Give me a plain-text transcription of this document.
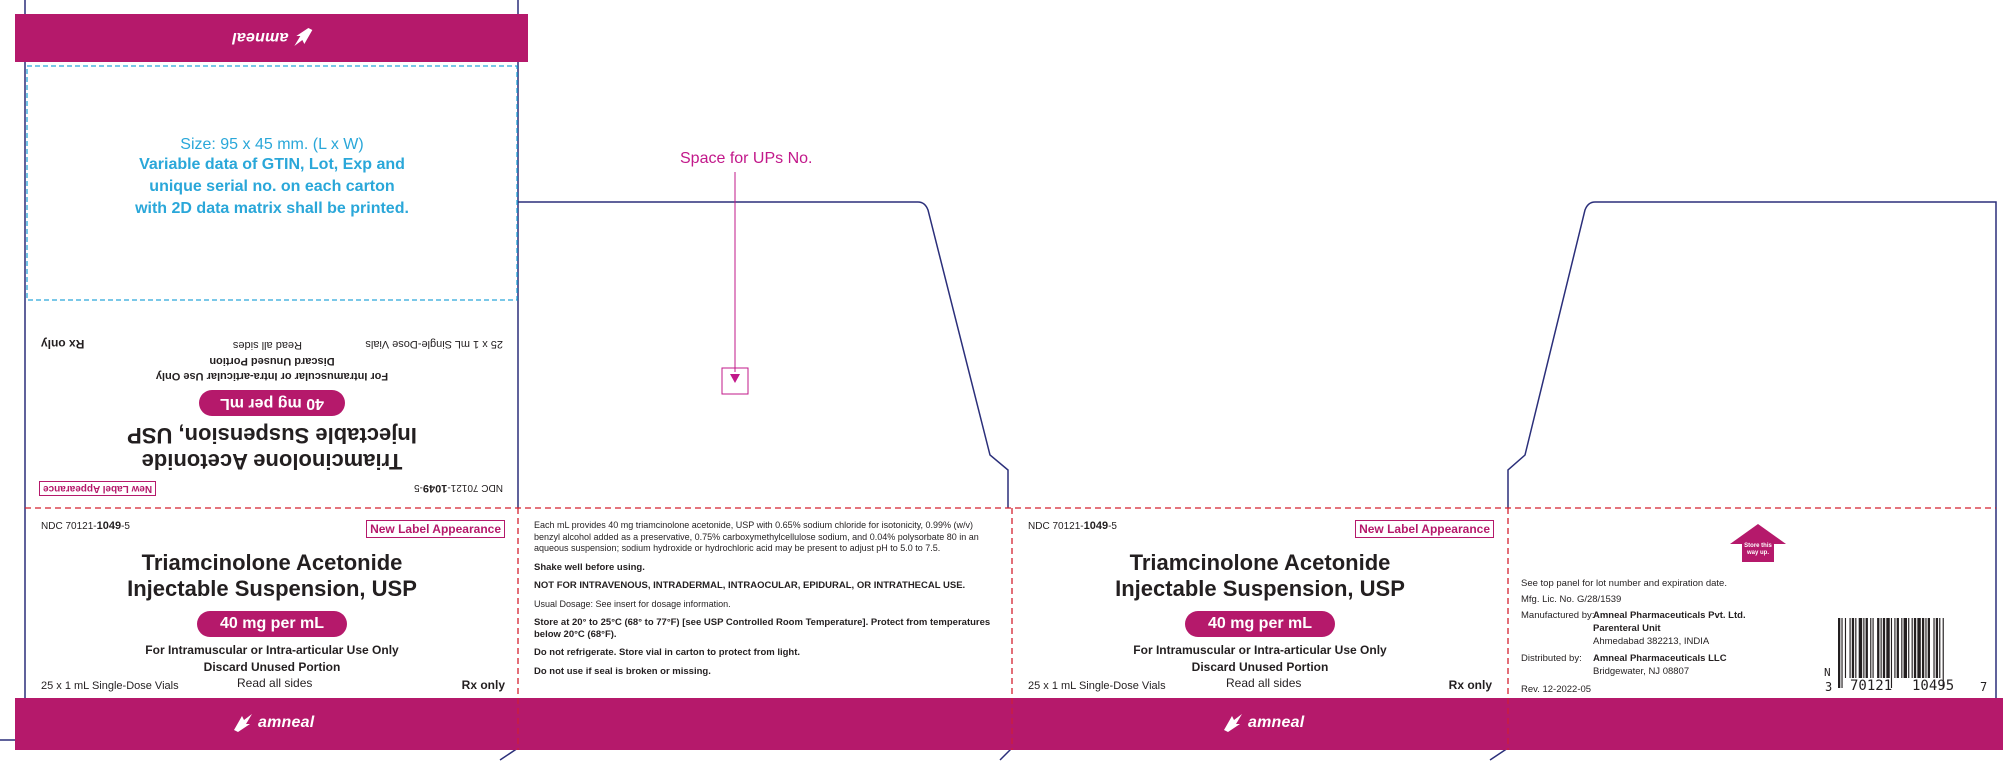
amneal
Size: 95 x 45 mm. (L x W)
Variable data of GTIN, Lot, Exp and
unique serial no. on each carton
with 2D data matrix shall be printed.
NDC 70121-1049-5
New Label Appearance
Triamcinolone Acetonide
Injectable Suspension, USP
40 mg per mL
For Intramuscular or Intra-articular Use Only
Discard Unused Portion
Read all sides	25 x 1 mL Single-Dose Vials
Rx only
Space for UPs No.
NDC 70121-1049-5	New Label Appearance
Triamcinolone Acetonide
Injectable Suspension, USP
40 mg per mL
For Intramuscular or Intra-articular Use Only
Discard Unused Portion
Read all sides
25 x 1 mL Single-Dose Vials	Rx only

Each mL provides 40 mg triamcinolone acetonide, USP with 0.65% sodium chloride for isotonicity, 0.99% (w/v) benzyl alcohol added as a preservative, 0.75% carboxymethylcellulose sodium, and 0.04% polysorbate 80 in an aqueous suspension; sodium hydroxide or hydrochloric acid may be present to adjust pH to 5.0 to 7.5.

Shake well before using.

NOT FOR INTRAVENOUS, INTRADERMAL, INTRAOCULAR, EPIDURAL, OR INTRATHECAL USE.

Usual Dosage: See insert for dosage information.

Store at 20° to 25°C (68° to 77°F) [see USP Controlled Room Temperature]. Protect from temperatures below 20°C (68°F).

Do not refrigerate. Store vial in carton to protect from light.

Do not use if seal is broken or missing.

NDC 70121-1049-5	New Label Appearance
Triamcinolone Acetonide
Injectable Suspension, USP
40 mg per mL
For Intramuscular or Intra-articular Use Only
Discard Unused Portion
Read all sides
25 x 1 mL Single-Dose Vials	Rx only
Store this way up.
See top panel for lot number and expiration date.
Mfg. Lic. No. G/28/1539
Manufactured by:
Amneal Pharmaceuticals Pvt. Ltd.
Parenteral Unit
Ahmedabad 382213, INDIA
Distributed by: Amneal Pharmaceuticals LLC
Bridgewater, NJ 08807
Rev. 12-2022-05
N
3 70121 10495 7
amneal	amneal
